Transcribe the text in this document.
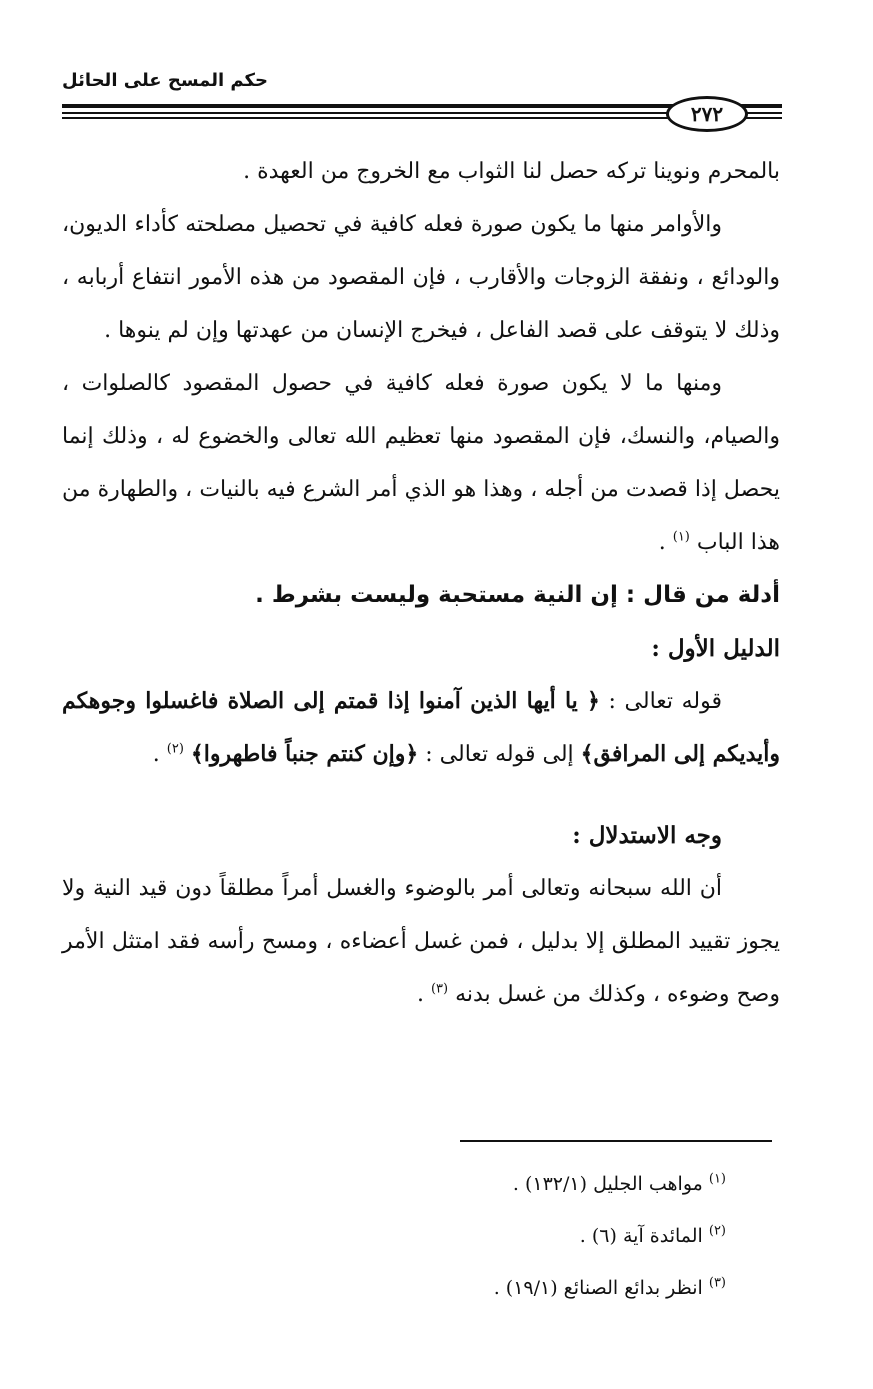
حكم المسح على الحائل
٢٧٢

بالمحرم ونوينا تركه حصل لنا الثواب مع الخروج من العهدة .

والأوامر منها ما يكون صورة فعله كافية في تحصيل مصلحته كأداء الديون، والودائع ، ونفقة الزوجات والأقارب ، فإن المقصود من هذه الأمور انتفاع أربابه ، وذلك لا يتوقف على قصد الفاعل ، فيخرج الإنسان من عهدتها وإن لم ينوها .

ومنها ما لا يكون صورة فعله كافية في حصول المقصود كالصلوات ، والصيام، والنسك، فإن المقصود منها تعظيم الله تعالى والخضوع له ، وذلك إنما يحصل إذا قصدت من أجله ، وهذا هو الذي أمر الشرع فيه بالنيات ، والطهارة من هذا الباب $^{(١)}$ .

أدلة من قال : إن النية مستحبة وليست بشرط .

الدليل الأول :

قوله تعالى : ﴿ يا أيها الذين آمنوا إذا قمتم إلى الصلاة فاغسلوا وجوهكم وأيديكم إلى المرافق﴾ إلى قوله تعالى : ﴿وإن كنتم جنباً فاطهروا﴾ $^{(٢)}$ .

وجه الاستدلال :

أن الله سبحانه وتعالى أمر بالوضوء والغسل أمراً مطلقاً دون قيد النية ولا يجوز تقييد المطلق إلا بدليل ، فمن غسل أعضاءه ، ومسح رأسه فقد امتثل الأمر وصح وضوءه ، وكذلك من غسل بدنه $^{(٣)}$ .

$^{(١)}$ مواهب الجليل (١٣٢/١) .
$^{(٢)}$ المائدة آية (٦) .
$^{(٣)}$ انظر بدائع الصنائع (١٩/١) .
